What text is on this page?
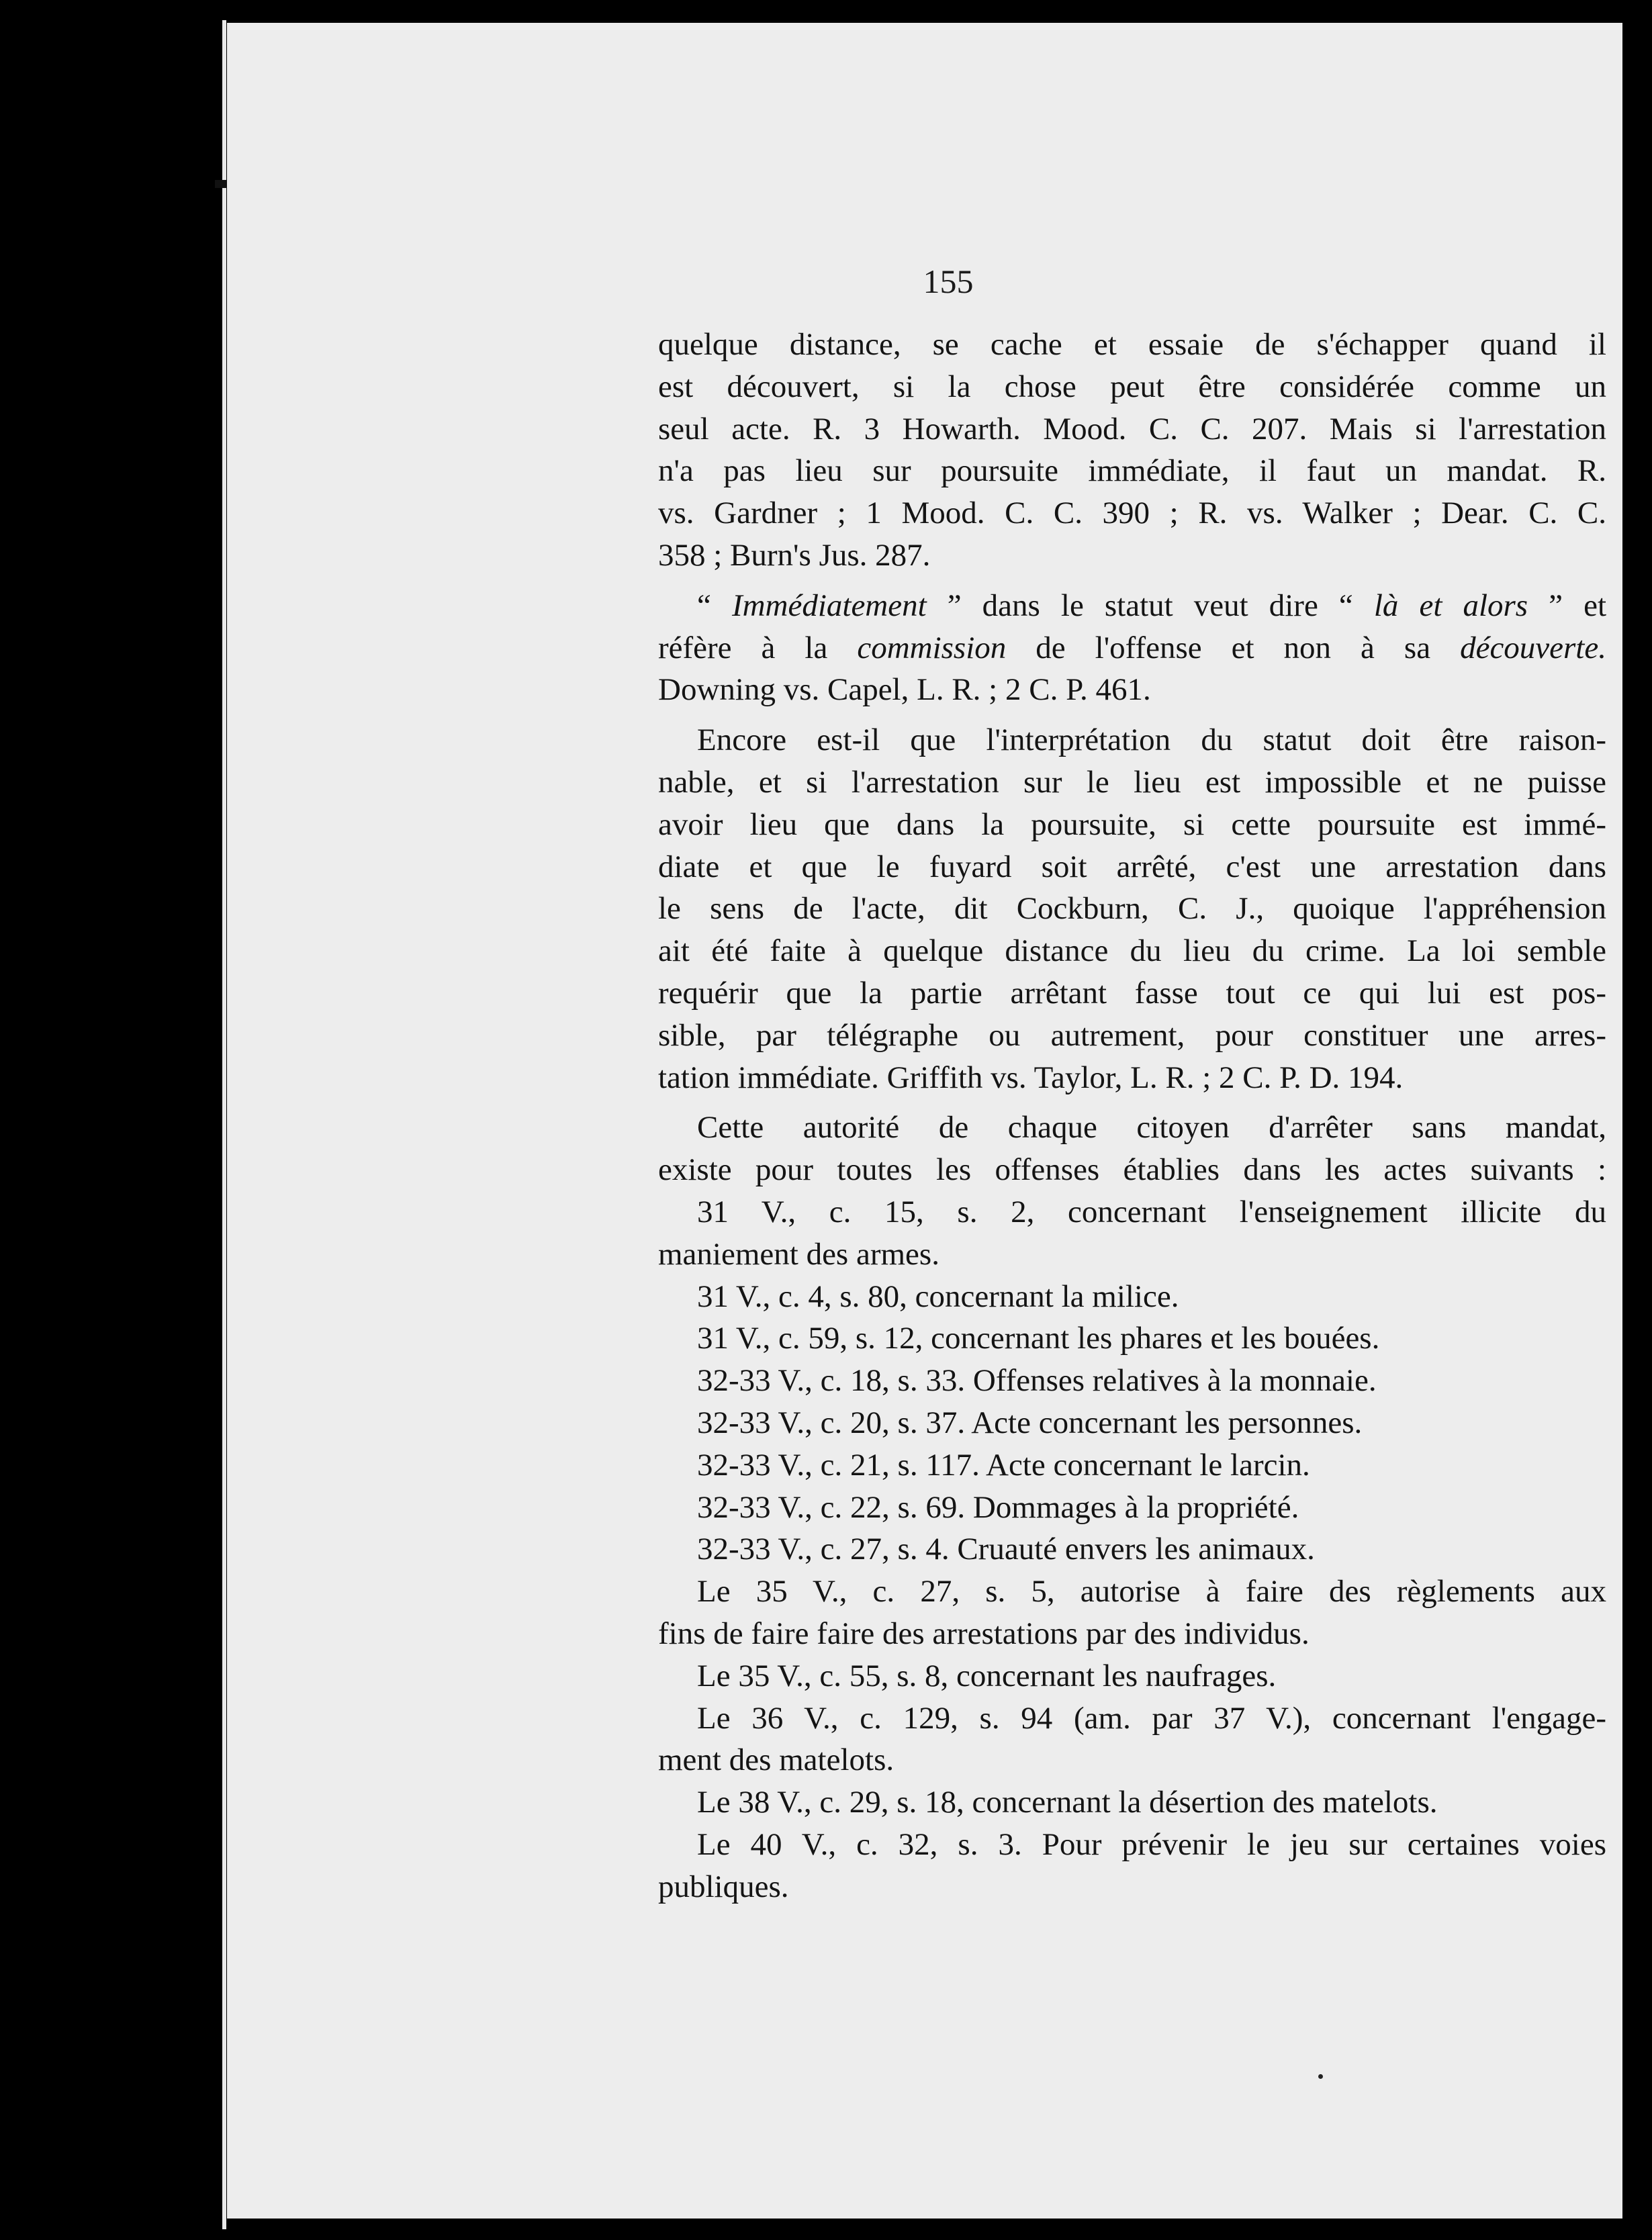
155
quelque distance, se cache et essaie de s'échapper quand il
est découvert, si la chose peut être considérée comme un
seul acte. R. 3 Howarth. Mood. C. C. 207. Mais si l'arrestation
n'a pas lieu sur poursuite immédiate, il faut un mandat. R.
vs. Gardner ; 1 Mood. C. C. 390 ; R. vs. Walker ; Dear. C. C.
358 ; Burn's Jus. 287.
“ Immédiatement ” dans le statut veut dire “ là et alors ” et
réfère à la commission de l'offense et non à sa découverte.
Downing vs. Capel, L. R. ; 2 C. P. 461.
Encore est-il que l'interprétation du statut doit être raison-
nable, et si l'arrestation sur le lieu est impossible et ne puisse
avoir lieu que dans la poursuite, si cette poursuite est immé-
diate et que le fuyard soit arrêté, c'est une arrestation dans
le sens de l'acte, dit Cockburn, C. J., quoique l'appréhension
ait été faite à quelque distance du lieu du crime. La loi semble
requérir que la partie arrêtant fasse tout ce qui lui est pos-
sible, par télégraphe ou autrement, pour constituer une arres-
tation immédiate. Griffith vs. Taylor, L. R. ; 2 C. P. D. 194.
Cette autorité de chaque citoyen d'arrêter sans mandat,
existe pour toutes les offenses établies dans les actes suivants :
31 V., c. 15, s. 2, concernant l'enseignement illicite du
maniement des armes.
31 V., c. 4, s. 80, concernant la milice.
31 V., c. 59, s. 12, concernant les phares et les bouées.
32-33 V., c. 18, s. 33. Offenses relatives à la monnaie.
32-33 V., c. 20, s. 37. Acte concernant les personnes.
32-33 V., c. 21, s. 117. Acte concernant le larcin.
32-33 V., c. 22, s. 69. Dommages à la propriété.
32-33 V., c. 27, s. 4. Cruauté envers les animaux.
Le 35 V., c. 27, s. 5, autorise à faire des règlements aux
fins de faire faire des arrestations par des individus.
Le 35 V., c. 55, s. 8, concernant les naufrages.
Le 36 V., c. 129, s. 94 (am. par 37 V.), concernant l'engage-
ment des matelots.
Le 38 V., c. 29, s. 18, concernant la désertion des matelots.
Le 40 V., c. 32, s. 3. Pour prévenir le jeu sur certaines voies
publiques.
